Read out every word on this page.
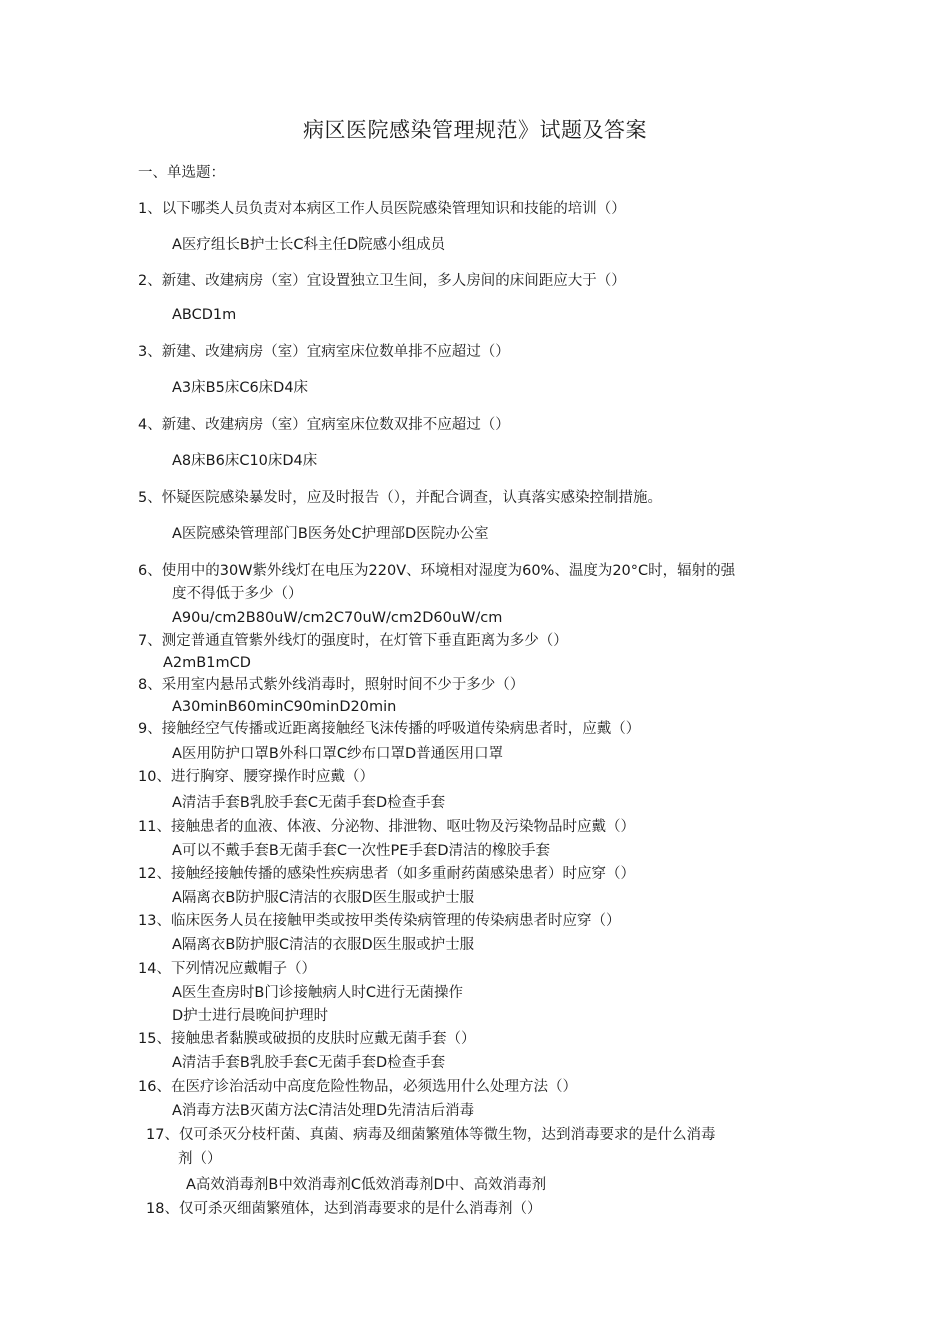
病区医院感染管理规范》试题及答案
一、单选题：
1、以下哪类人员负责对本病区工作人员医院感染管理知识和技能的培训（）
A医疗组长B护士长C科主任D院感小组成员
2、新建、改建病房（室）宜设置独立卫生间，多人房间的床间距应大于（）
ABCD1m
3、新建、改建病房（室）宜病室床位数单排不应超过（）
A3床B5床C6床D4床
4、新建、改建病房（室）宜病室床位数双排不应超过（）
A8床B6床C10床D4床
5、怀疑医院感染暴发时，应及时报告（），并配合调查，认真落实感染控制措施。
A医院感染管理部门B医务处C护理部D医院办公室
6、使用中的30W紫外线灯在电压为220V、环境相对湿度为60%、温度为20°C时，辐射的强
度不得低于多少（）
A90u/cm2B80uW/cm2C70uW/cm2D60uW/cm
7、测定普通直管紫外线灯的强度时，在灯管下垂直距离为多少（）
A2mB1mCD
8、采用室内悬吊式紫外线消毒时，照射时间不少于多少（）
A30minB60minC90minD20min
9、接触经空气传播或近距离接触经飞沫传播的呼吸道传染病患者时，应戴（）
A医用防护口罩B外科口罩C纱布口罩D普通医用口罩
10、进行胸穿、腰穿操作时应戴（）
A清洁手套B乳胶手套C无菌手套D检查手套
11、接触患者的血液、体液、分泌物、排泄物、呕吐物及污染物品时应戴（）
A可以不戴手套B无菌手套C一次性PE手套D清洁的橡胶手套
12、接触经接触传播的感染性疾病患者（如多重耐药菌感染患者）时应穿（）
A隔离衣B防护服C清洁的衣服D医生服或护士服
13、临床医务人员在接触甲类或按甲类传染病管理的传染病患者时应穿（）
A隔离衣B防护服C清洁的衣服D医生服或护士服
14、下列情况应戴帽子（）
A医生查房时B门诊接触病人时C进行无菌操作
D护士进行晨晚间护理时
15、接触患者黏膜或破损的皮肤时应戴无菌手套（）
A清洁手套B乳胶手套C无菌手套D检查手套
16、在医疗诊治活动中高度危险性物品，必须选用什么处理方法（）
A消毒方法B灭菌方法C清洁处理D先清洁后消毒
17、仅可杀灭分枝杆菌、真菌、病毒及细菌繁殖体等微生物，达到消毒要求的是什么消毒
剂（）
A高效消毒剂B中效消毒剂C低效消毒剂D中、高效消毒剂
18、仅可杀灭细菌繁殖体，达到消毒要求的是什么消毒剂（）
